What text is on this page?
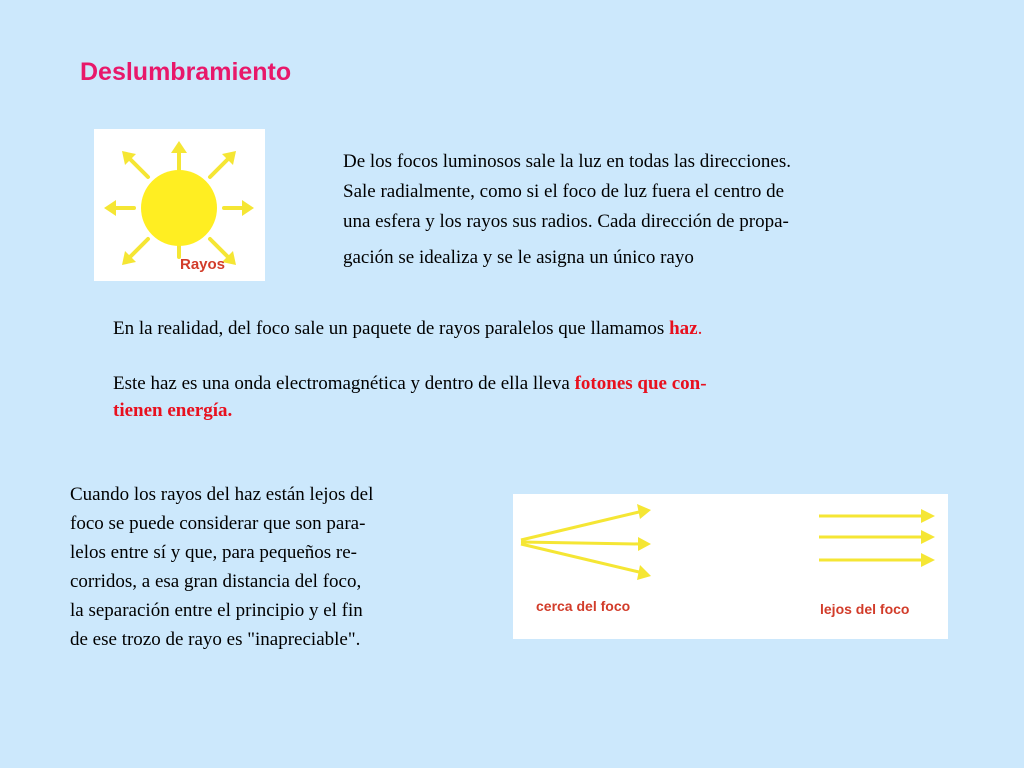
Deslumbramiento
Rayos
De los focos luminosos sale la luz en todas las direcciones.
Sale radialmente, como si el foco de luz fuera el centro de
una esfera y los rayos sus radios. Cada dirección de propa-
gación se idealiza y se le asigna un único rayo

En la realidad, del foco sale un paquete de rayos paralelos que llamamos haz.

Este haz es una onda electromagnética y dentro de ella lleva fotones que con-
tienen energía.
Cuando los rayos del haz están lejos del
foco se puede considerar que son para-
lelos entre sí y que, para pequeños re-
corridos, a esa gran distancia del foco,
la separación entre el principio y el fin
de ese trozo de rayo es "inapreciable".
cerca del foco	lejos del foco
